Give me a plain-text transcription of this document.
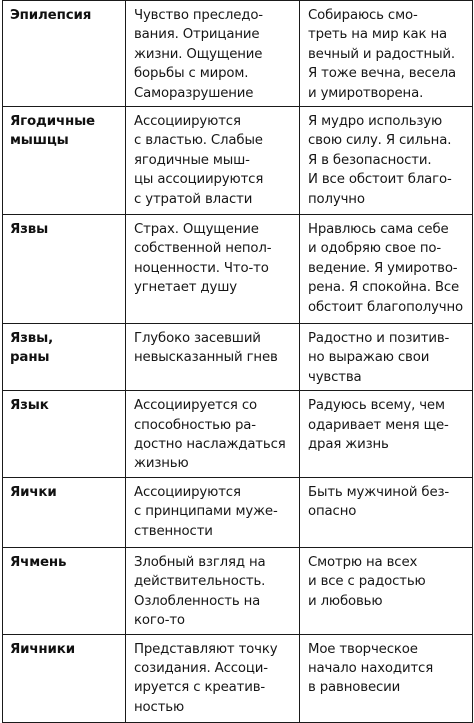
Эпилепсия	Чувство преследо-
вания. Отрицание
жизни. Ощущение
борьбы с миром.
Саморазрушение	Собираюсь смо-
треть на мир как на
вечный и радостный.
Я тоже вечна, весела
и умиротворена.

Ягодичные
мышцы	Ассоциируются
с властью. Слабые
ягодичные мыш-
цы ассоциируются
с утратой власти	Я мудро использую
свою силу. Я сильна.
Я в безопасности.
И все обстоит благо-
получно

Язвы	Страх. Ощущение
собственной непол-
ноценности. Что-то
угнетает душу	Нравлюсь сама себе
и одобряю свое по-
ведение. Я умиротво-
рена. Я спокойна. Все
обстоит благополучно

Язвы,
раны	Глубоко засевший
невысказанный гнев	Радостно и позитив-
но выражаю свои
чувства

Язык	Ассоциируется со
способностью ра-
достно наслаждаться
жизнью	Радуюсь всему, чем
одаривает меня ще-
драя жизнь

Яички	Ассоциируются
с принципами муже-
ственности	Быть мужчиной без-
опасно

Ячмень	Злобный взгляд на
действительность.
Озлобленность на
кого-то	Смотрю на всех
и все с радостью
и любовью

Яичники	Представляют точку
созидания. Ассоци-
ируется с креатив-
ностью	Мое творческое
начало находится
в равновесии
